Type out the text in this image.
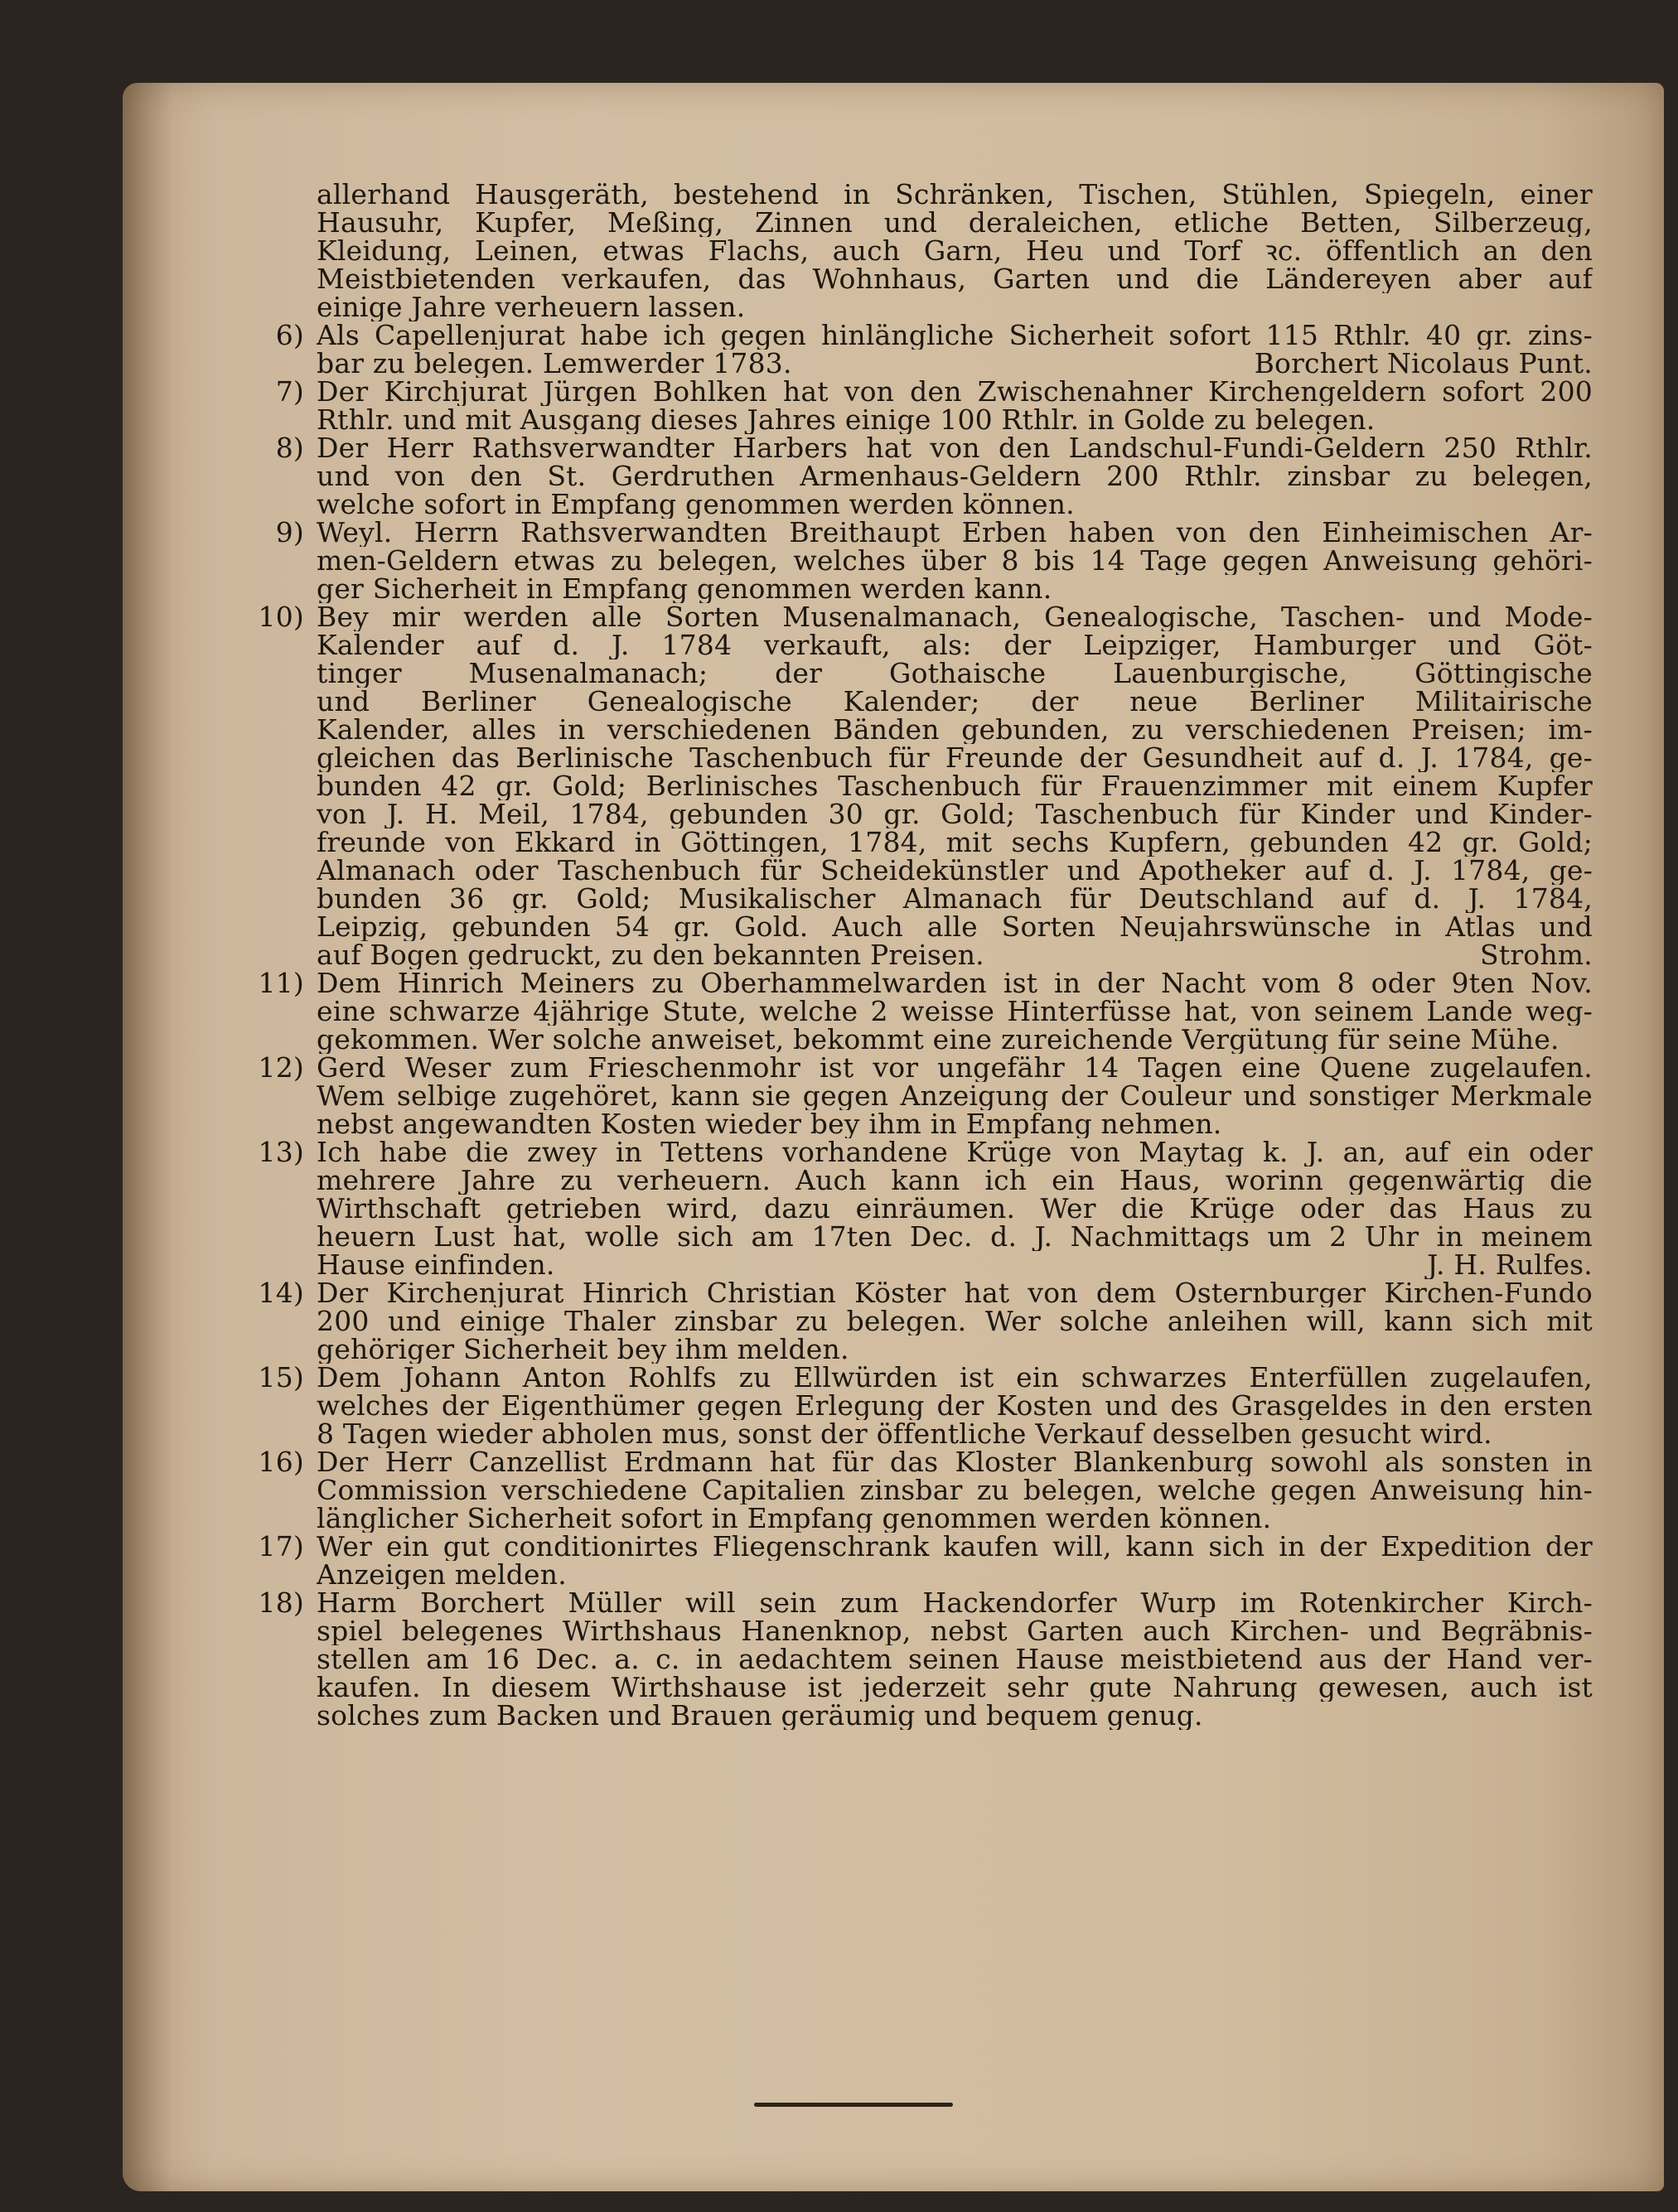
allerhand Hausgeräth, bestehend in Schränken, Tischen, Stühlen, Spiegeln, einer
Hausuhr, Kupfer, Meßing, Zinnen und deraleichen, etliche Betten, Silberzeug,
Kleidung, Leinen, etwas Flachs, auch Garn, Heu und Torf ꝛc. öffentlich an den
Meistbietenden verkaufen, das Wohnhaus, Garten und die Ländereyen aber auf
einige Jahre verheuern lassen.
6) Als Capellenjurat habe ich gegen hinlängliche Sicherheit sofort 115 Rthlr. 40 gr. zins-
bar zu belegen. Lemwerder 1783.	Borchert Nicolaus Punt.
7) Der Kirchjurat Jürgen Bohlken hat von den Zwischenahner Kirchengeldern sofort 200
Rthlr. und mit Ausgang dieses Jahres einige 100 Rthlr. in Golde zu belegen.
8) Der Herr Rathsverwandter Harbers hat von den Landschul-Fundi-Geldern 250 Rthlr.
und von den St. Gerdruthen Armenhaus-Geldern 200 Rthlr. zinsbar zu belegen,
welche sofort in Empfang genommen werden können.
9) Weyl. Herrn Rathsverwandten Breithaupt Erben haben von den Einheimischen Ar-
men-Geldern etwas zu belegen, welches über 8 bis 14 Tage gegen Anweisung gehöri-
ger Sicherheit in Empfang genommen werden kann.
10) Bey mir werden alle Sorten Musenalmanach, Genealogische, Taschen- und Mode-
Kalender auf d. J. 1784 verkauft, als: der Leipziger, Hamburger und Göt-
tinger Musenalmanach; der Gothaische Lauenburgische, Göttingische
und Berliner Genealogische Kalender; der neue Berliner Militairische
Kalender, alles in verschiedenen Bänden gebunden, zu verschiedenen Preisen; im-
gleichen das Berlinische Taschenbuch für Freunde der Gesundheit auf d. J. 1784, ge-
bunden 42 gr. Gold; Berlinisches Taschenbuch für Frauenzimmer mit einem Kupfer
von J. H. Meil, 1784, gebunden 30 gr. Gold; Taschenbuch für Kinder und Kinder-
freunde von Ekkard in Göttingen, 1784, mit sechs Kupfern, gebunden 42 gr. Gold;
Almanach oder Taschenbuch für Scheidekünstler und Apotheker auf d. J. 1784, ge-
bunden 36 gr. Gold; Musikalischer Almanach für Deutschland auf d. J. 1784,
Leipzig, gebunden 54 gr. Gold. Auch alle Sorten Neujahrswünsche in Atlas und
auf Bogen gedruckt, zu den bekannten Preisen.	Strohm.
11) Dem Hinrich Meiners zu Oberhammelwarden ist in der Nacht vom 8 oder 9ten Nov.
eine schwarze 4jährige Stute, welche 2 weisse Hinterfüsse hat, von seinem Lande weg-
gekommen. Wer solche anweiset, bekommt eine zureichende Vergütung für seine Mühe.
12) Gerd Weser zum Frieschenmohr ist vor ungefähr 14 Tagen eine Quene zugelaufen.
Wem selbige zugehöret, kann sie gegen Anzeigung der Couleur und sonstiger Merkmale
nebst angewandten Kosten wieder bey ihm in Empfang nehmen.
13) Ich habe die zwey in Tettens vorhandene Krüge von Maytag k. J. an, auf ein oder
mehrere Jahre zu verheuern. Auch kann ich ein Haus, worinn gegenwärtig die
Wirthschaft getrieben wird, dazu einräumen. Wer die Krüge oder das Haus zu
heuern Lust hat, wolle sich am 17ten Dec. d. J. Nachmittags um 2 Uhr in meinem
Hause einfinden.	J. H. Rulfes.
14) Der Kirchenjurat Hinrich Christian Köster hat von dem Osternburger Kirchen-Fundo
200 und einige Thaler zinsbar zu belegen. Wer solche anleihen will, kann sich mit
gehöriger Sicherheit bey ihm melden.
15) Dem Johann Anton Rohlfs zu Ellwürden ist ein schwarzes Enterfüllen zugelaufen,
welches der Eigenthümer gegen Erlegung der Kosten und des Grasgeldes in den ersten
8 Tagen wieder abholen mus, sonst der öffentliche Verkauf desselben gesucht wird.
16) Der Herr Canzellist Erdmann hat für das Kloster Blankenburg sowohl als sonsten in
Commission verschiedene Capitalien zinsbar zu belegen, welche gegen Anweisung hin-
länglicher Sicherheit sofort in Empfang genommen werden können.
17) Wer ein gut conditionirtes Fliegenschrank kaufen will, kann sich in der Expedition der
Anzeigen melden.
18) Harm Borchert Müller will sein zum Hackendorfer Wurp im Rotenkircher Kirch-
spiel belegenes Wirthshaus Hanenknop, nebst Garten auch Kirchen- und Begräbnis-
stellen am 16 Dec. a. c. in aedachtem seinen Hause meistbietend aus der Hand ver-
kaufen. In diesem Wirthshause ist jederzeit sehr gute Nahrung gewesen, auch ist
solches zum Backen und Brauen geräumig und bequem genug.
